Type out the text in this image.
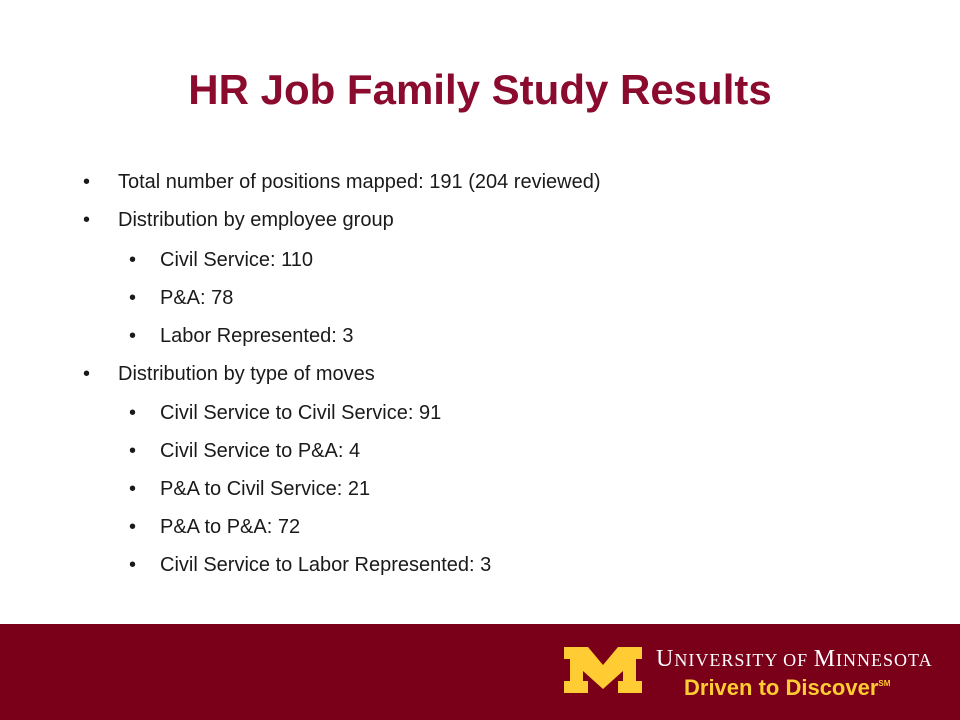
HR Job Family Study Results
• Total number of positions mapped: 191 (204 reviewed)
• Distribution by employee group
• Civil Service: 110
• P&A: 78
• Labor Represented: 3
• Distribution by type of moves
• Civil Service to Civil Service: 91
• Civil Service to P&A: 4
• P&A to Civil Service: 21
• P&A to P&A: 72
• Civil Service to Labor Represented: 3
UNIVERSITY OF MINNESOTA
Driven to Discover℠
